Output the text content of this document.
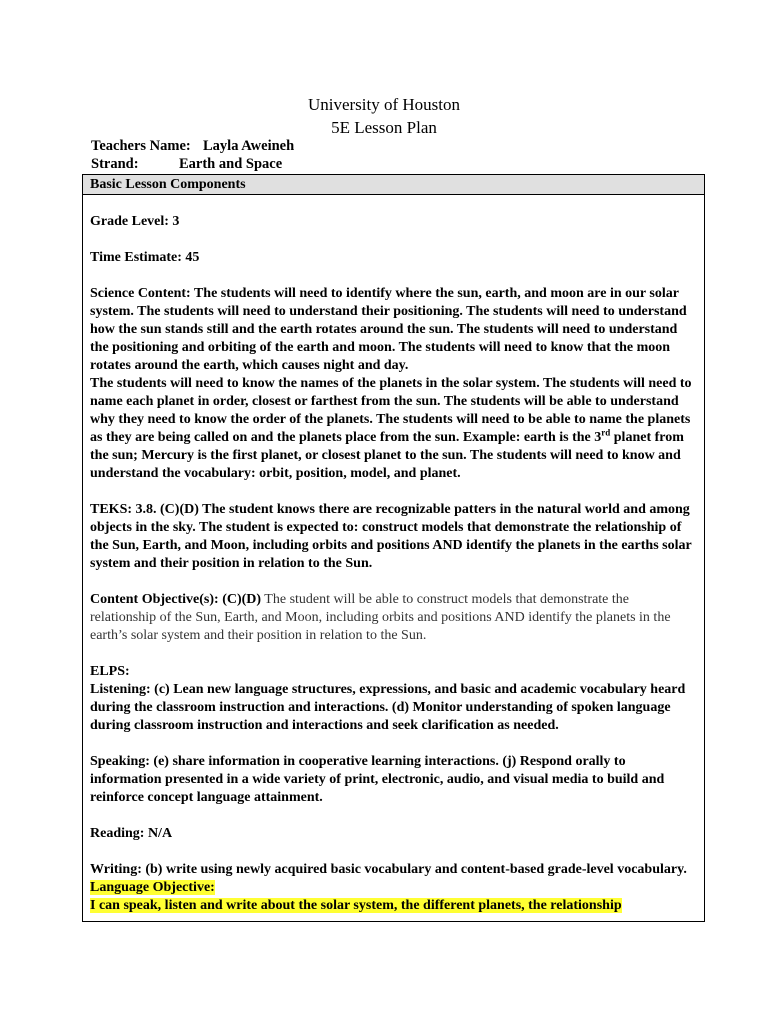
University of Houston
5E Lesson Plan
Teachers Name: Layla Aweineh
Strand:	Earth and Space
Basic Lesson Components

Grade Level: 3

Time Estimate: 45

Science Content: The students will need to identify where the sun, earth, and moon are in our solar system. The students will need to understand their positioning. The students will need to understand how the sun stands still and the earth rotates around the sun. The students will need to understand the positioning and orbiting of the earth and moon. The students will need to know that the moon rotates around the earth, which causes night and day.

The students will need to know the names of the planets in the solar system. The students will need to name each planet in order, closest or farthest from the sun. The students will be able to understand why they need to know the order of the planets. The students will need to be able to name the planets as they are being called on and the planets place from the sun. Example: earth is the 3rd planet from the sun; Mercury is the first planet, or closest planet to the sun. The students will need to know and understand the vocabulary: orbit, position, model, and planet.

TEKS: 3.8. (C)(D) The student knows there are recognizable patters in the natural world and among objects in the sky. The student is expected to: construct models that demonstrate the relationship of the Sun, Earth, and Moon, including orbits and positions AND identify the planets in the earths solar system and their position in relation to the Sun.

Content Objective(s): (C)(D) The student will be able to construct models that demonstrate the relationship of the Sun, Earth, and Moon, including orbits and positions AND identify the planets in the earth’s solar system and their position in relation to the Sun.

ELPS:

Listening: (c) Lean new language structures, expressions, and basic and academic vocabulary heard during the classroom instruction and interactions. (d) Monitor understanding of spoken language during classroom instruction and interactions and seek clarification as needed.

Speaking: (e) share information in cooperative learning interactions. (j) Respond orally to information presented in a wide variety of print, electronic, audio, and visual media to build and reinforce concept language attainment.

Reading: N/A

Writing: (b) write using newly acquired basic vocabulary and content-based grade-level vocabulary.

Language Objective:

I can speak, listen and write about the solar system, the different planets, the relationship
